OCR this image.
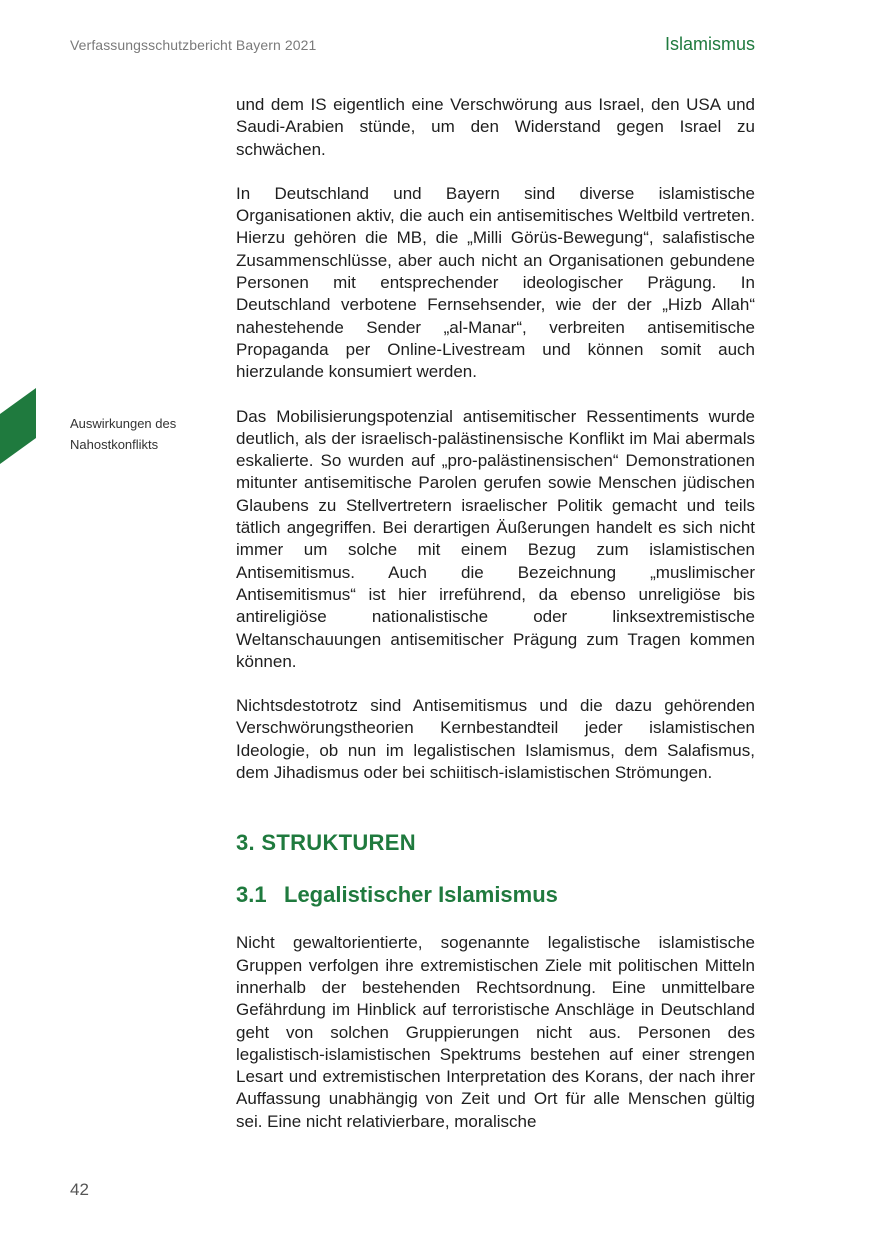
Verfassungsschutzbericht Bayern 2021	Islamismus
Auswirkungen des Nahostkonflikts

und dem IS eigentlich eine Verschwörung aus Israel, den USA und Saudi-Arabien stünde, um den Widerstand gegen Israel zu schwächen.

In Deutschland und Bayern sind diverse islamistische Organisationen aktiv, die auch ein antisemitisches Weltbild vertreten. Hierzu gehören die MB, die „Milli Görüs-Bewegung“, salafistische Zusammenschlüsse, aber auch nicht an Organisationen gebundene Personen mit entsprechender ideologischer Prägung. In Deutschland verbotene Fernsehsender, wie der der „Hizb Allah“ nahestehende Sender „al-Manar“, verbreiten antisemitische Propaganda per Online-Livestream und können somit auch hierzulande konsumiert werden.

Das Mobilisierungspotenzial antisemitischer Ressentiments wurde deutlich, als der israelisch-palästinensische Konflikt im Mai abermals eskalierte. So wurden auf „pro-palästinensischen“ Demonstrationen mitunter antisemitische Parolen gerufen sowie Menschen jüdischen Glaubens zu Stellvertretern israelischer Politik gemacht und teils tätlich angegriffen. Bei derartigen Äußerungen handelt es sich nicht immer um solche mit einem Bezug zum islamistischen Antisemitismus. Auch die Bezeichnung „muslimischer Antisemitismus“ ist hier irreführend, da ebenso unreligiöse bis antireligiöse nationalistische oder linksextremistische Weltanschauungen antisemitischer Prägung zum Tragen kommen können.

Nichtsdestotrotz sind Antisemitismus und die dazu gehörenden Verschwörungstheorien Kernbestandteil jeder islamistischen Ideologie, ob nun im legalistischen Islamismus, dem Salafismus, dem Jihadismus oder bei schiitisch-islamistischen Strömungen.

3. STRUKTUREN
3.1 Legalistischer Islamismus

Nicht gewaltorientierte, sogenannte legalistische islamistische Gruppen verfolgen ihre extremistischen Ziele mit politischen Mitteln innerhalb der bestehenden Rechtsordnung. Eine unmittelbare Gefährdung im Hinblick auf terroristische Anschläge in Deutschland geht von solchen Gruppierungen nicht aus. Personen des legalistisch-islamistischen Spektrums bestehen auf einer strengen Lesart und extremistischen Interpretation des Korans, der nach ihrer Auffassung unabhängig von Zeit und Ort für alle Menschen gültig sei. Eine nicht relativierbare, moralische

42
